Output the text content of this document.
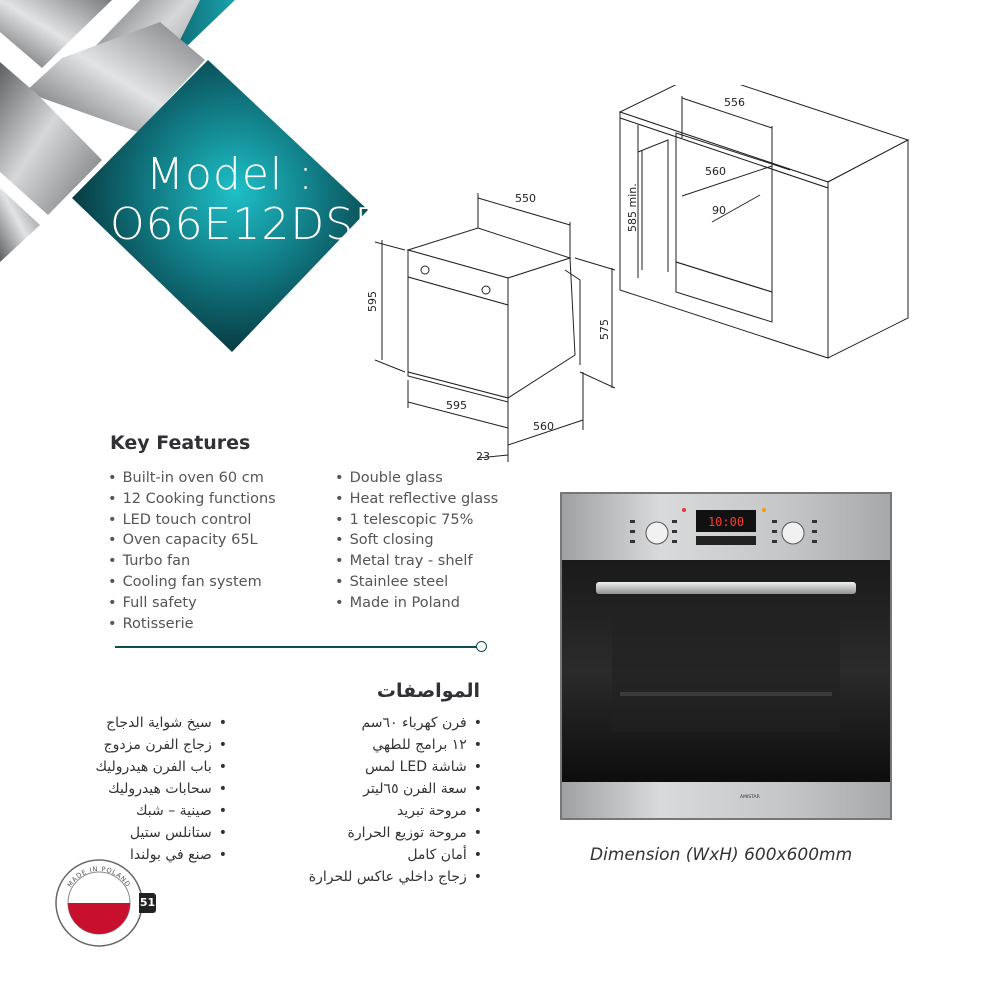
Model :
O66E12DSP
550
595
575
595
560
23
556
560
90
585 min.
Key Features
• Built-in oven 60 cm
• 12 Cooking functions
• LED touch control
• Oven capacity 65L
• Turbo fan
• Cooling fan system
• Full safety
• Rotisserie
• Double glass
• Heat reflective glass
• 1 telescopic 75%
• Soft closing
• Metal tray - shelf
• Stainlee steel
• Made in Poland
المواصفات
• فرن كهرباء ٦٠سم
• ١٢ برامج للطهي
• شاشة LED لمس
• سعة الفرن ٦٥ليتر
• مروحة تبريد
• مروحة توزيع الحرارة
• أمان كامل
• زجاج داخلي عاكس للحرارة
• سيخ شواية الدجاج
• زجاج الفرن مزدوج
• باب الفرن هيدروليك
• سحابات هيدروليك
• صينية – شبك
• ستانلس ستيل
• صنع في بولندا
10:00
AMISTAR
Dimension (WxH) 600x600mm
MADE IN POLAND
51
